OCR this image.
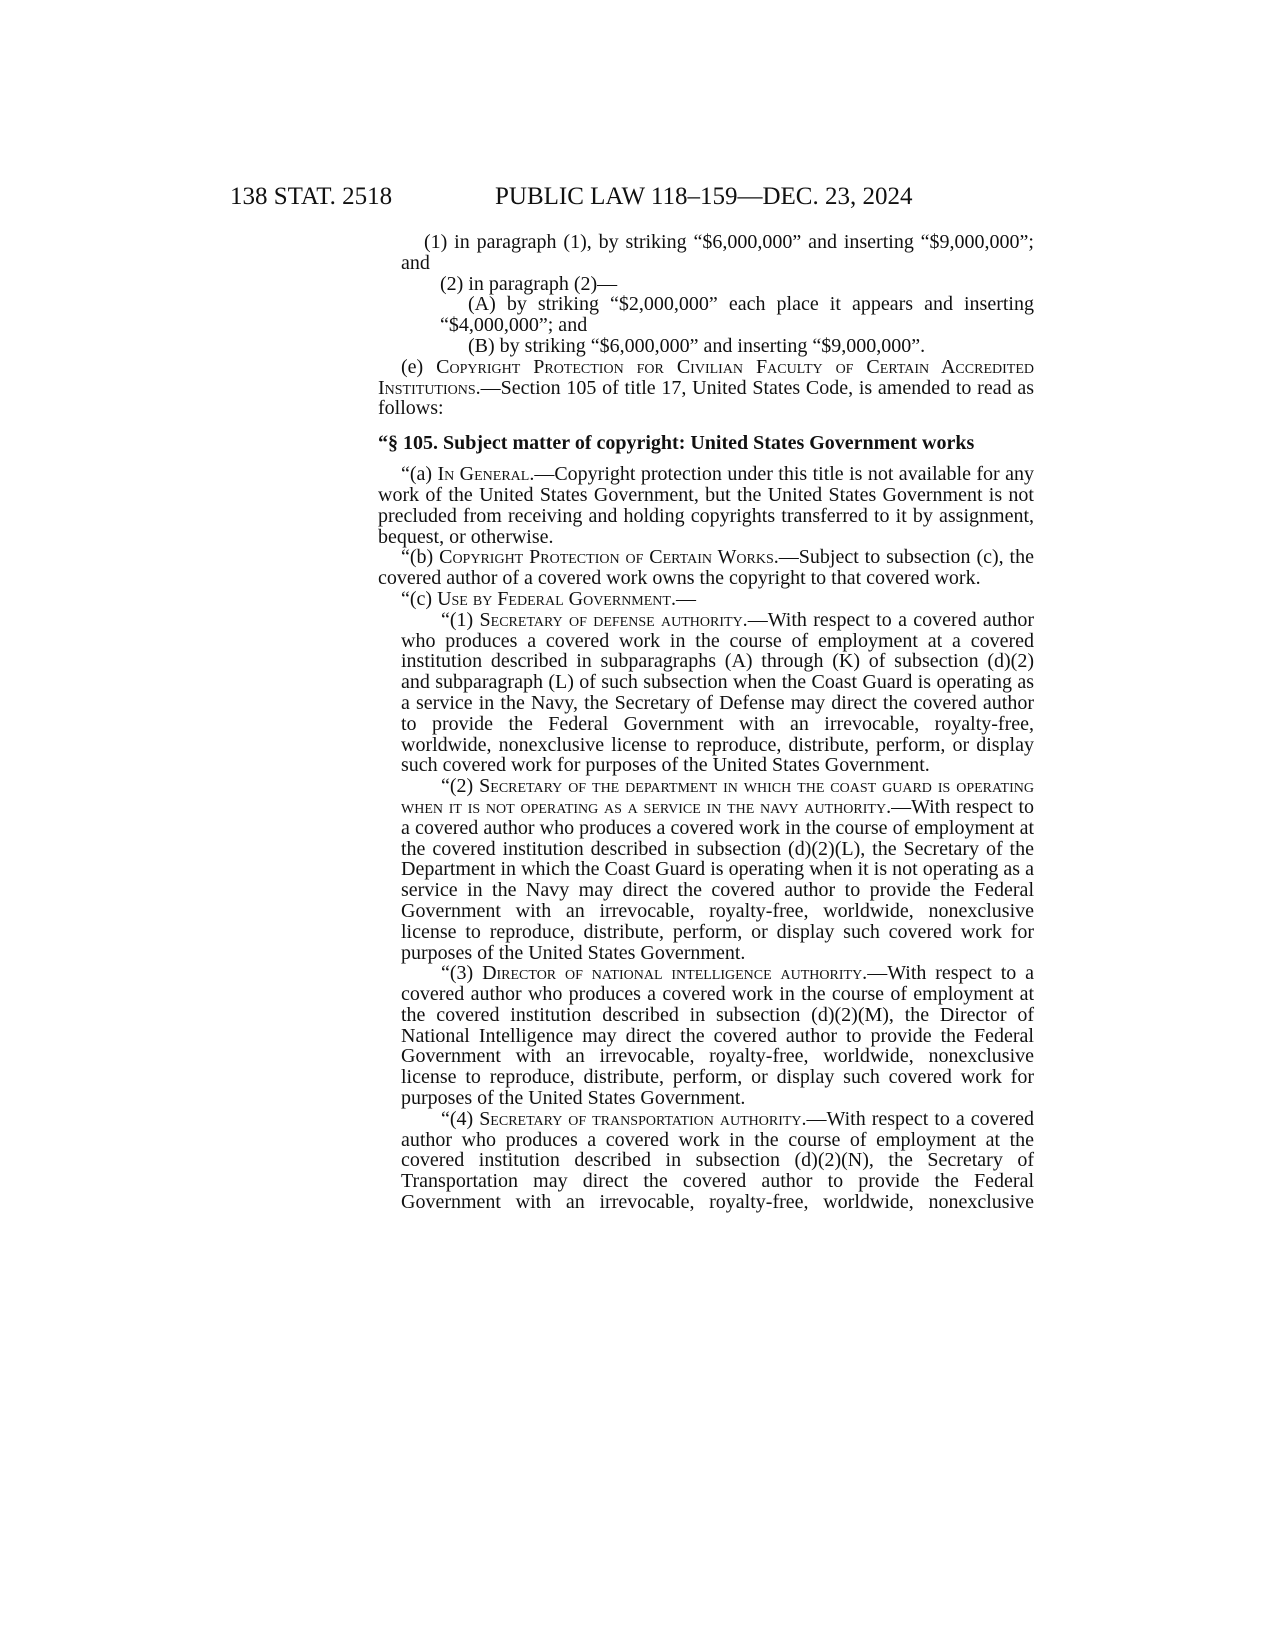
138 STAT. 2518	PUBLIC LAW 118–159—DEC. 23, 2024

(1) in paragraph (1), by striking “$6,000,000” and inserting “$9,000,000”; and

(2) in paragraph (2)—

(A) by striking “$2,000,000” each place it appears and inserting “$4,000,000”; and

(B) by striking “$6,000,000” and inserting “$9,000,000”.

(e) Copyright Protection for Civilian Faculty of Certain Accredited Institutions.—Section 105 of title 17, United States Code, is amended to read as follows:

“§ 105. Subject matter of copyright: United States Government works

“(a) In General.—Copyright protection under this title is not available for any work of the United States Government, but the United States Government is not precluded from receiving and holding copyrights transferred to it by assignment, bequest, or otherwise.

“(b) Copyright Protection of Certain Works.—Subject to subsection (c), the covered author of a covered work owns the copyright to that covered work.

“(c) Use by Federal Government.—

“(1) Secretary of defense authority.—With respect to a covered author who produces a covered work in the course of employment at a covered institution described in subparagraphs (A) through (K) of subsection (d)(2) and subparagraph (L) of such subsection when the Coast Guard is operating as a service in the Navy, the Secretary of Defense may direct the covered author to provide the Federal Government with an irrevocable, royalty-free, worldwide, nonexclusive license to reproduce, distribute, perform, or display such covered work for purposes of the United States Government.

“(2) Secretary of the department in which the coast guard is operating when it is not operating as a service in the navy authority.—With respect to a covered author who produces a covered work in the course of employment at the covered institution described in subsection (d)(2)(L), the Secretary of the Department in which the Coast Guard is operating when it is not operating as a service in the Navy may direct the covered author to provide the Federal Government with an irrevocable, royalty-free, worldwide, nonexclusive license to reproduce, distribute, perform, or display such covered work for purposes of the United States Government.

“(3) Director of national intelligence authority.—With respect to a covered author who produces a covered work in the course of employment at the covered institution described in subsection (d)(2)(M), the Director of National Intelligence may direct the covered author to provide the Federal Government with an irrevocable, royalty-free, worldwide, nonexclusive license to reproduce, distribute, perform, or display such covered work for purposes of the United States Government.

“(4) Secretary of transportation authority.—With respect to a covered author who produces a covered work in the course of employment at the covered institution described in subsection (d)(2)(N), the Secretary of Transportation may direct the covered author to provide the Federal Government with an irrevocable, royalty-free, worldwide, nonexclusive
